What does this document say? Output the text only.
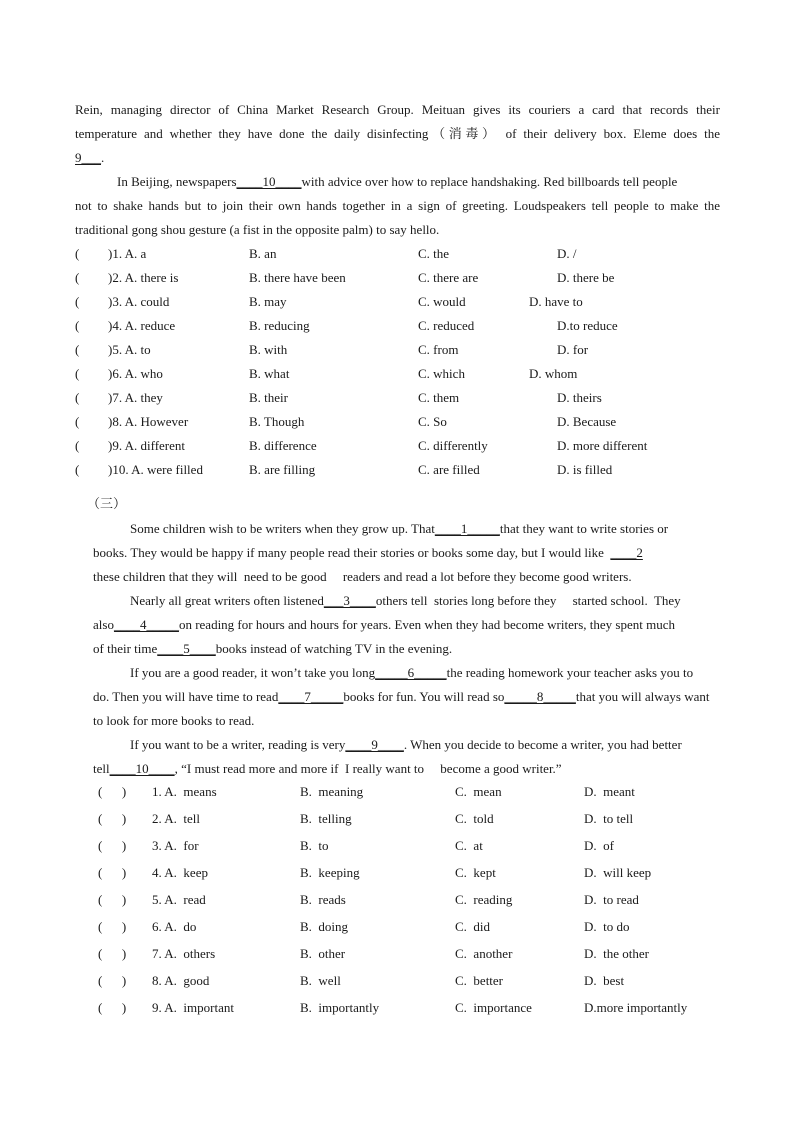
Rein, managing director of China Market Research Group. Meituan gives its couriers a card that records their
temperature and whether they have done the daily disinfecting（消毒） of their delivery box. Eleme does the
9___.
In Beijing, newspapers____10____with advice over how to replace handshaking. Red billboards tell people
not to shake hands but to join their own hands together in a sign of greeting. Loudspeakers tell people to make the
traditional gong shou gesture (a fist in the opposite palm) to say hello.
( )1. A. a	B. an	C. the	D. /
( )2. A. there is	B. there have been	C. there are	D. there be
( )3. A. could	B. may	C. would	D. have to
( )4. A. reduce	B. reducing	C. reduced	D.to reduce
( )5. A. to	B. with	C. from	D. for
( )6. A. who	B. what	C. which	D. whom
( )7. A. they	B. their	C. them	D. theirs
( )8. A. However	B. Though	C. So	D. Because
( )9. A. different	B. difference	C. differently	D. more different
( )10. A. were filled	B. are filling	C. are filled	D. is filled
（三）
Some children wish to be writers when they grow up. That____1_____that they want to write stories or
books. They would be happy if many people read their stories or books some day, but I would like ____2
these children that they will  need to be good     readers and read a lot before they become good writers.
Nearly all great writers often listened___3____others tell  stories long before they     started school.  They
also____4_____on reading for hours and hours for years. Even when they had become writers, they spent much
of their time____5____books instead of watching TV in the evening.
If you are a good reader, it won’t take you long_____6_____the reading homework your teacher asks you to
do. Then you will have time to read____7_____books for fun. You will read so_____8_____that you will always want
to look for more books to read.
If you want to be a writer, reading is very____9____. When you decide to become a writer, you had better
tell____10____, “I must read more and more if  I really want to     become a good writer.”
(      ) 1. A.  means	B.  meaning	C.  mean	D.  meant
(      ) 2. A.  tell	B.  telling	C.  told	D.  to tell
(      ) 3. A.  for	B.  to	C.  at	D.  of
(      ) 4. A.  keep	B.  keeping	C.  kept	D.  will keep
(      ) 5. A.  read	B.  reads	C.  reading	D.  to read
(      ) 6. A.  do	B.  doing	C.  did	D.  to do
(      ) 7. A.  others	B.  other	C.  another	D.  the other
(      ) 8. A.  good	B.  well	C.  better	D.  best
(      ) 9. A.  important	B.  importantly	C.  importance	D.more importantly
